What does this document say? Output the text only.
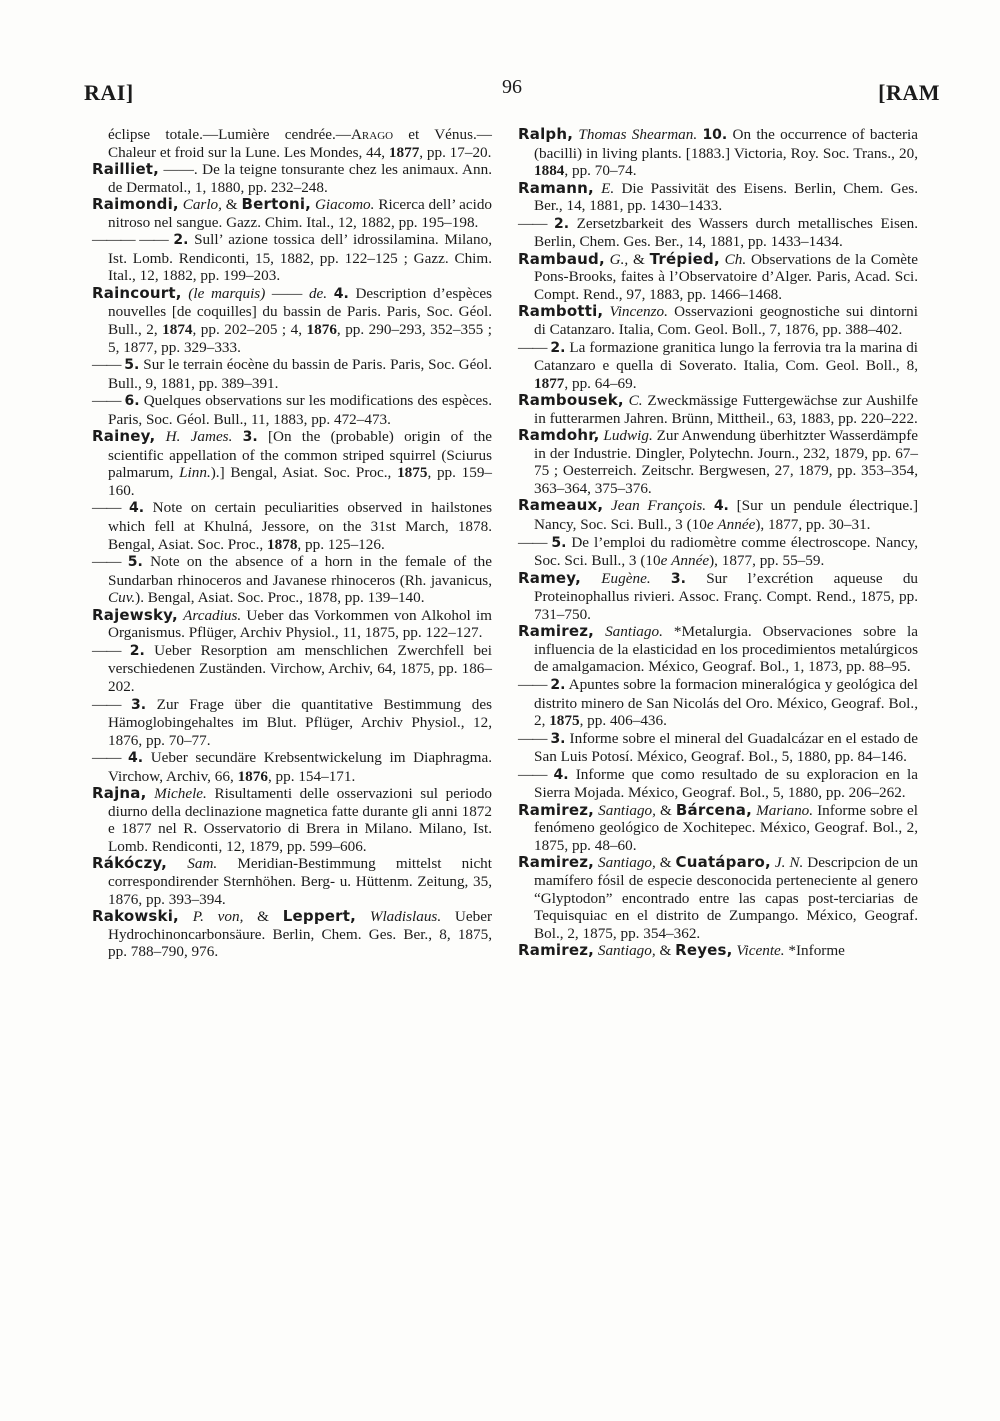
RAI]	96	[RAM

éclipse totale.—Lumière cendrée.—Arago et Vénus.—Chaleur et froid sur la Lune. Les Mondes, 44, 1877, pp. 17–20.

Railliet, ——. De la teigne tonsurante chez les animaux. Ann. de Dermatol., 1, 1880, pp. 232–248.

Raimondi, Carlo, & Bertoni, Giacomo. Ricerca dell’ acido nitroso nel sangue. Gazz. Chim. Ital., 12, 1882, pp. 195–198.

——— —— 2. Sull’ azione tossica dell’ idrossilamina. Milano, Ist. Lomb. Rendiconti, 15, 1882, pp. 122–125 ; Gazz. Chim. Ital., 12, 1882, pp. 199–203.

Raincourt, (le marquis) —— de. 4. Description d’espèces nouvelles [de coquilles] du bassin de Paris. Paris, Soc. Géol. Bull., 2, 1874, pp. 202–205 ; 4, 1876, pp. 290–293, 352–355 ; 5, 1877, pp. 329–333.

—— 5. Sur le terrain éocène du bassin de Paris. Paris, Soc. Géol. Bull., 9, 1881, pp. 389–391.

—— 6. Quelques observations sur les modifications des espèces. Paris, Soc. Géol. Bull., 11, 1883, pp. 472–473.

Rainey, H. James. 3. [On the (probable) origin of the scientific appellation of the common striped squirrel (Sciurus palmarum, Linn.).] Bengal, Asiat. Soc. Proc., 1875, pp. 159–160.

—— 4. Note on certain peculiarities observed in hailstones which fell at Khulná, Jessore, on the 31st March, 1878. Bengal, Asiat. Soc. Proc., 1878, pp. 125–126.

—— 5. Note on the absence of a horn in the female of the Sundarban rhinoceros and Javanese rhinoceros (Rh. javanicus, Cuv.). Bengal, Asiat. Soc. Proc., 1878, pp. 139–140.

Rajewsky, Arcadius. Ueber das Vorkommen von Alkohol im Organismus. Pflüger, Archiv Physiol., 11, 1875, pp. 122–127.

—— 2. Ueber Resorption am menschlichen Zwerchfell bei verschiedenen Zuständen. Virchow, Archiv, 64, 1875, pp. 186–202.

—— 3. Zur Frage über die quantitative Bestimmung des Hämoglobingehaltes im Blut. Pflüger, Archiv Physiol., 12, 1876, pp. 70–77.

—— 4. Ueber secundäre Krebsentwickelung im Diaphragma. Virchow, Archiv, 66, 1876, pp. 154–171.

Rajna, Michele. Risultamenti delle osservazioni sul periodo diurno della declinazione magnetica fatte durante gli anni 1872 e 1877 nel R. Osservatorio di Brera in Milano. Milano, Ist. Lomb. Rendiconti, 12, 1879, pp. 599–606.

Rákóczy, Sam. Meridian-Bestimmung mittelst nicht correspondirender Sternhöhen. Berg- u. Hüttenm. Zeitung, 35, 1876, pp. 393–394.

Rakowski, P. von, & Leppert, Wladislaus. Ueber Hydrochinoncarbonsäure. Berlin, Chem. Ges. Ber., 8, 1875, pp. 788–790, 976.

Ralph, Thomas Shearman. 10. On the occurrence of bacteria (bacilli) in living plants. [1883.] Victoria, Roy. Soc. Trans., 20, 1884, pp. 70–74.

Ramann, E. Die Passivität des Eisens. Berlin, Chem. Ges. Ber., 14, 1881, pp. 1430–1433.

—— 2. Zersetzbarkeit des Wassers durch metallisches Eisen. Berlin, Chem. Ges. Ber., 14, 1881, pp. 1433–1434.

Rambaud, G., & Trépied, Ch. Observations de la Comète Pons-Brooks, faites à l’Observatoire d’Alger. Paris, Acad. Sci. Compt. Rend., 97, 1883, pp. 1466–1468.

Rambotti, Vincenzo. Osservazioni geognostiche sui dintorni di Catanzaro. Italia, Com. Geol. Boll., 7, 1876, pp. 388–402.

—— 2. La formazione granitica lungo la ferrovia tra la marina di Catanzaro e quella di Soverato. Italia, Com. Geol. Boll., 8, 1877, pp. 64–69.

Rambousek, C. Zweckmässige Futtergewächse zur Aushilfe in futterarmen Jahren. Brünn, Mittheil., 63, 1883, pp. 220–222.

Ramdohr, Ludwig. Zur Anwendung überhitzter Wasserdämpfe in der Industrie. Dingler, Polytechn. Journ., 232, 1879, pp. 67–75 ; Oesterreich. Zeitschr. Bergwesen, 27, 1879, pp. 353–354, 363–364, 375–376.

Rameaux, Jean François. 4. [Sur un pendule électrique.] Nancy, Soc. Sci. Bull., 3 (10e Année), 1877, pp. 30–31.

—— 5. De l’emploi du radiomètre comme électroscope. Nancy, Soc. Sci. Bull., 3 (10e Année), 1877, pp. 55–59.

Ramey, Eugène. 3. Sur l’excrétion aqueuse du Proteinophallus rivieri. Assoc. Franç. Compt. Rend., 1875, pp. 731–750.

Ramirez, Santiago. *Metalurgia. Observaciones sobre la influencia de la elasticidad en los procedimientos metalúrgicos de amalgamacion. México, Geograf. Bol., 1, 1873, pp. 88–95.

—— 2. Apuntes sobre la formacion mineralógica y geológica del distrito minero de San Nicolás del Oro. México, Geograf. Bol., 2, 1875, pp. 406–436.

—— 3. Informe sobre el mineral del Guadalcázar en el estado de San Luis Potosí. México, Geograf. Bol., 5, 1880, pp. 84–146.

—— 4. Informe que como resultado de su exploracion en la Sierra Mojada. México, Geograf. Bol., 5, 1880, pp. 206–262.

Ramirez, Santiago, & Bárcena, Mariano. Informe sobre el fenómeno geológico de Xochitepec. México, Geograf. Bol., 2, 1875, pp. 48–60.

Ramirez, Santiago, & Cuatáparo, J. N. Descripcion de un mamífero fósil de especie desconocida perteneciente al genero “Glyptodon” encontrado entre las capas post-terciarias de Tequisquiac en el distrito de Zumpango. México, Geograf. Bol., 2, 1875, pp. 354–362.

Ramirez, Santiago, & Reyes, Vicente. *Informe
